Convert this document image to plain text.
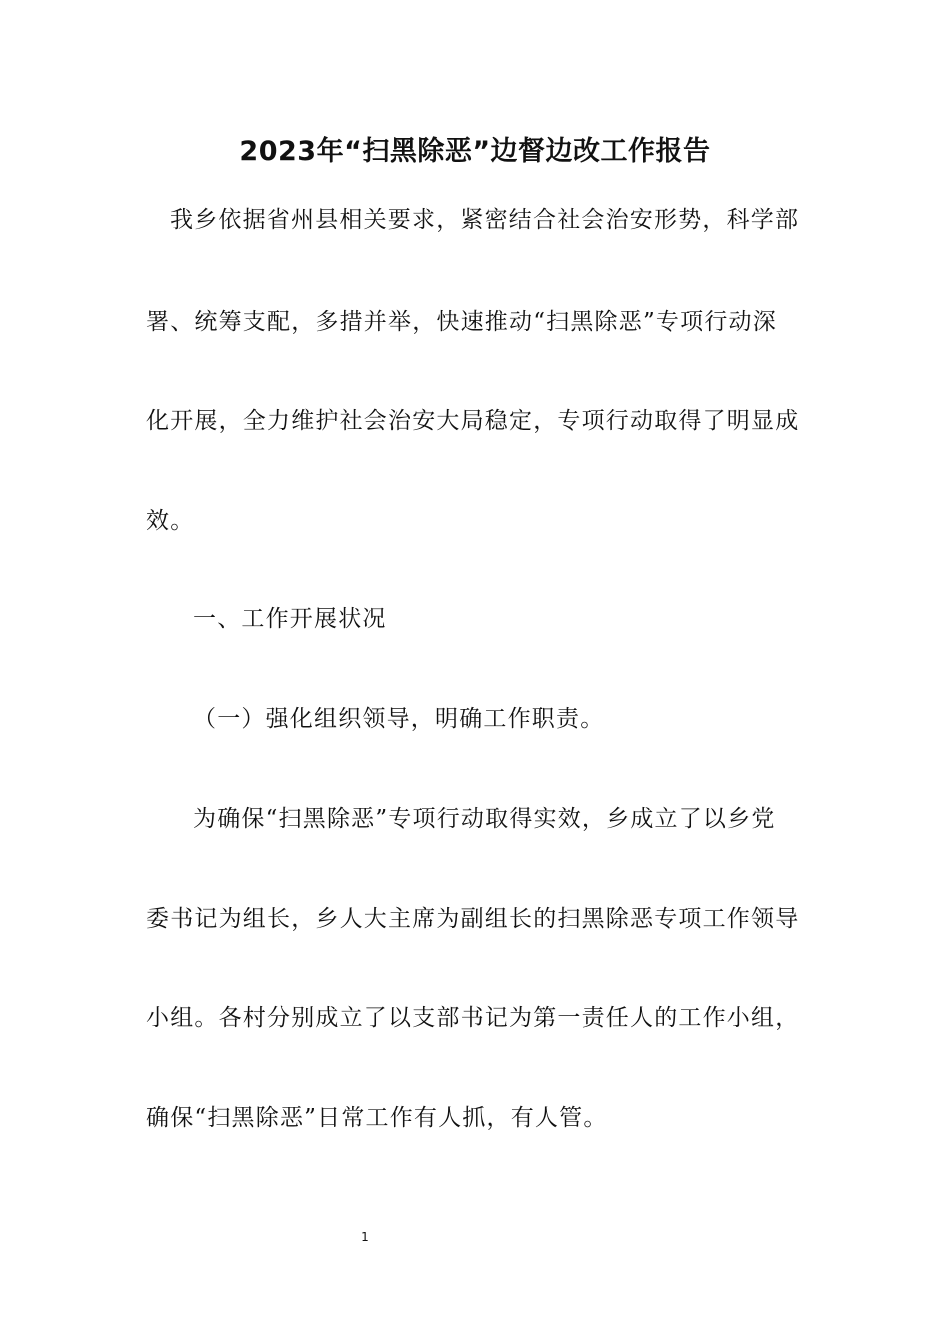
2023年“扫黑除恶”边督边改工作报告
我乡依据省州县相关要求，紧密结合社会治安形势，科学部
署、统筹支配，多措并举，快速推动“扫黑除恶”专项行动深
化开展，全力维护社会治安大局稳定，专项行动取得了明显成
效。
一、工作开展状况
（一）强化组织领导，明确工作职责。
为确保“扫黑除恶”专项行动取得实效，乡成立了以乡党
委书记为组长，乡人大主席为副组长的扫黑除恶专项工作领导
小组。各村分别成立了以支部书记为第一责任人的工作小组，
确保“扫黑除恶”日常工作有人抓，有人管。
1
